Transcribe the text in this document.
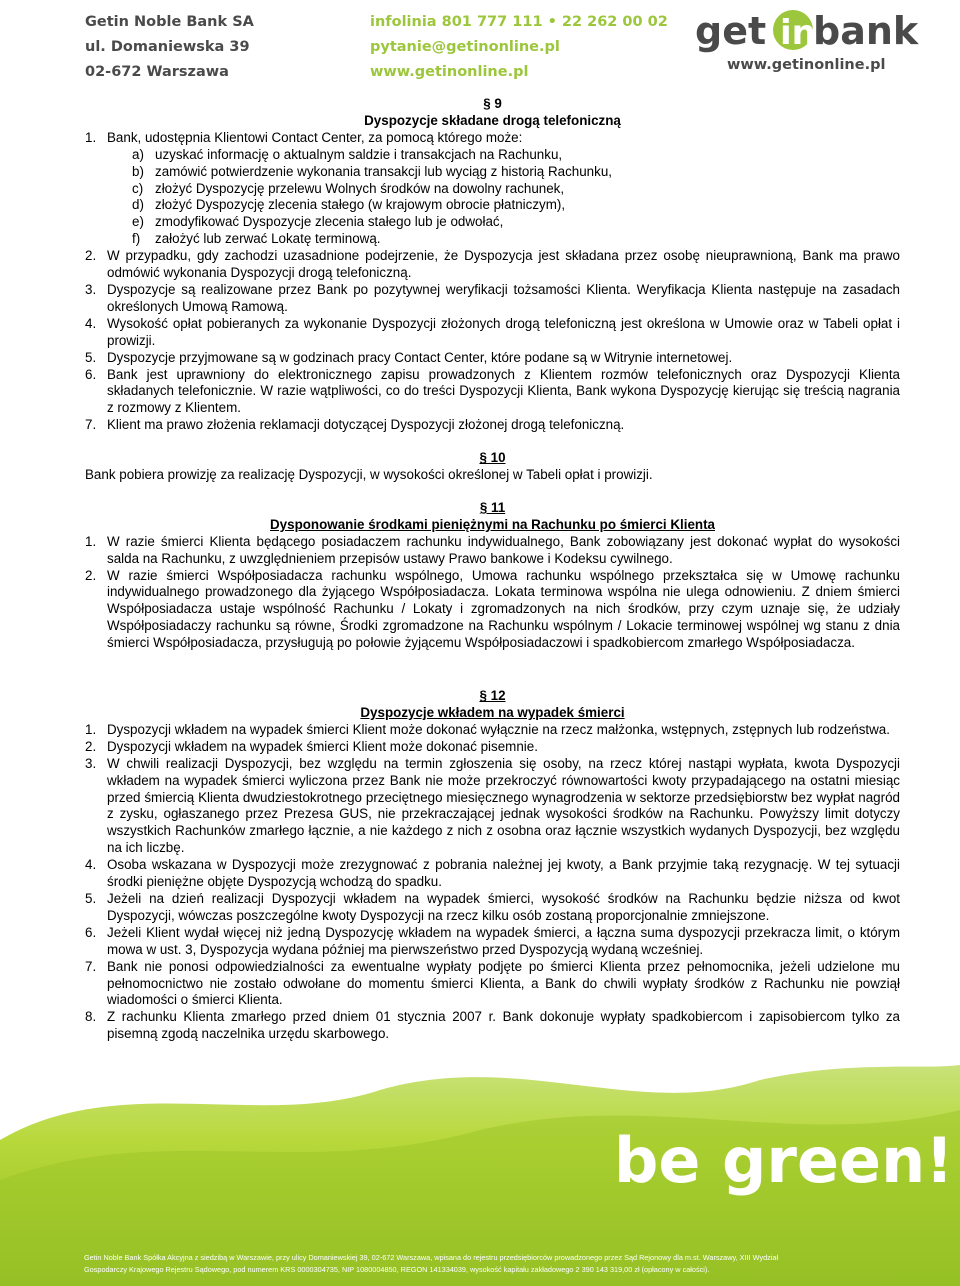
Getin Noble Bank SA
ul. Domaniewska 39
02-672 Warszawa
infolinia 801 777 111 • 22 262 00 02
pytanie@getinonline.pl
www.getinonline.pl
get in
bank
www.getinonline.pl
§ 9
Dyspozycje składane drogą telefoniczną
1. Bank, udostępnia Klientowi Contact Center, za pomocą którego może:
a) uzyskać informację o aktualnym saldzie i transakcjach na Rachunku,
b) zamówić potwierdzenie wykonania transakcji lub wyciąg z historią Rachunku,
c) złożyć Dyspozycję przelewu Wolnych środków na dowolny rachunek,
d) złożyć Dyspozycję zlecenia stałego (w krajowym obrocie płatniczym),
e) zmodyfikować Dyspozycje zlecenia stałego lub je odwołać,
f) założyć lub zerwać Lokatę terminową.
2. W przypadku, gdy zachodzi uzasadnione podejrzenie, że Dyspozycja jest składana przez osobę nieuprawnioną, Bank ma prawo odmówić wykonania Dyspozycji drogą telefoniczną.
3. Dyspozycje są realizowane przez Bank po pozytywnej weryfikacji tożsamości Klienta. Weryfikacja Klienta następuje na zasadach określonych Umową Ramową.
4. Wysokość opłat pobieranych za wykonanie Dyspozycji złożonych drogą telefoniczną jest określona w Umowie oraz w Tabeli opłat i prowizji.
5. Dyspozycje przyjmowane są w godzinach pracy Contact Center, które podane są w Witrynie internetowej.
6. Bank jest uprawniony do elektronicznego zapisu prowadzonych z Klientem rozmów telefonicznych oraz Dyspozycji Klienta składanych telefonicznie. W razie wątpliwości, co do treści Dyspozycji Klienta, Bank wykona Dyspozycję kierując się treścią nagrania z rozmowy z Klientem.
7. Klient ma prawo złożenia reklamacji dotyczącej Dyspozycji złożonej drogą telefoniczną.
§ 10

Bank pobiera prowizję za realizację Dyspozycji, w wysokości określonej w Tabeli opłat i prowizji.

§ 11
Dysponowanie środkami pieniężnymi na Rachunku po śmierci Klienta
1. W razie śmierci Klienta będącego posiadaczem rachunku indywidualnego, Bank zobowiązany jest dokonać wypłat do wysokości salda na Rachunku, z uwzględnieniem przepisów ustawy Prawo bankowe i Kodeksu cywilnego.
2. W razie śmierci Współposiadacza rachunku wspólnego, Umowa rachunku wspólnego przekształca się w Umowę rachunku indywidualnego prowadzonego dla żyjącego Współposiadacza. Lokata terminowa wspólna nie ulega odnowieniu. Z dniem śmierci Współposiadacza ustaje wspólność Rachunku / Lokaty i zgromadzonych na nich środków, przy czym uznaje się, że udziały Współposiadaczy rachunku są równe, Środki zgromadzone na Rachunku wspólnym / Lokacie terminowej wspólnej wg stanu z dnia śmierci Współposiadacza, przysługują po połowie żyjącemu Współposiadaczowi i spadkobiercom zmarłego Współposiadacza.
§ 12
Dyspozycje wkładem na wypadek śmierci
1. Dyspozycji wkładem na wypadek śmierci Klient może dokonać wyłącznie na rzecz małżonka, wstępnych, zstępnych lub rodzeństwa.
2. Dyspozycji wkładem na wypadek śmierci Klient może dokonać pisemnie.
3. W chwili realizacji Dyspozycji, bez względu na termin zgłoszenia się osoby, na rzecz której nastąpi wypłata, kwota Dyspozycji wkładem na wypadek śmierci wyliczona przez Bank nie może przekroczyć równowartości kwoty przypadającego na ostatni miesiąc przed śmiercią Klienta dwudziestokrotnego przeciętnego miesięcznego wynagrodzenia w sektorze przedsiębiorstw bez wypłat nagród z zysku, ogłaszanego przez Prezesa GUS, nie przekraczającej jednak wysokości środków na Rachunku. Powyższy limit dotyczy wszystkich Rachunków zmarłego łącznie, a nie każdego z nich z osobna oraz łącznie wszystkich wydanych Dyspozycji, bez względu na ich liczbę.
4. Osoba wskazana w Dyspozycji może zrezygnować z pobrania należnej jej kwoty, a Bank przyjmie taką rezygnację. W tej sytuacji środki pieniężne objęte Dyspozycją wchodzą do spadku.
5. Jeżeli na dzień realizacji Dyspozycji wkładem na wypadek śmierci, wysokość środków na Rachunku będzie niższa od kwot Dyspozycji, wówczas poszczególne kwoty Dyspozycji na rzecz kilku osób zostaną proporcjonalnie zmniejszone.
6. Jeżeli Klient wydał więcej niż jedną Dyspozycję wkładem na wypadek śmierci, a łączna suma dyspozycji przekracza limit, o którym mowa w ust. 3, Dyspozycja wydana później ma pierwszeństwo przed Dyspozycją wydaną wcześniej.
7. Bank nie ponosi odpowiedzialności za ewentualne wypłaty podjęte po śmierci Klienta przez pełnomocnika, jeżeli udzielone mu pełnomocnictwo nie zostało odwołane do momentu śmierci Klienta, a Bank do chwili wypłaty środków z Rachunku nie powziął wiadomości o śmierci Klienta.
8. Z rachunku Klienta zmarłego przed dniem 01 stycznia 2007 r. Bank dokonuje wypłaty spadkobiercom i zapisobiercom tylko za pisemną zgodą naczelnika urzędu skarbowego.
be green!
Getin Noble Bank Spółka Akcyjna z siedzibą w Warszawie, przy ulicy Domaniewskiej 39, 02-672 Warszawa, wpisana do rejestru przedsiębiorców prowadzonego przez Sąd Rejonowy dla m.st. Warszawy, XIII Wydział
Gospodarczy Krajowego Rejestru Sądowego, pod numerem KRS 0000304735, NIP 1080004850, REGON 141334039, wysokość kapitału zakładowego 2 390 143 319,00 zł (opłacony w całości).
